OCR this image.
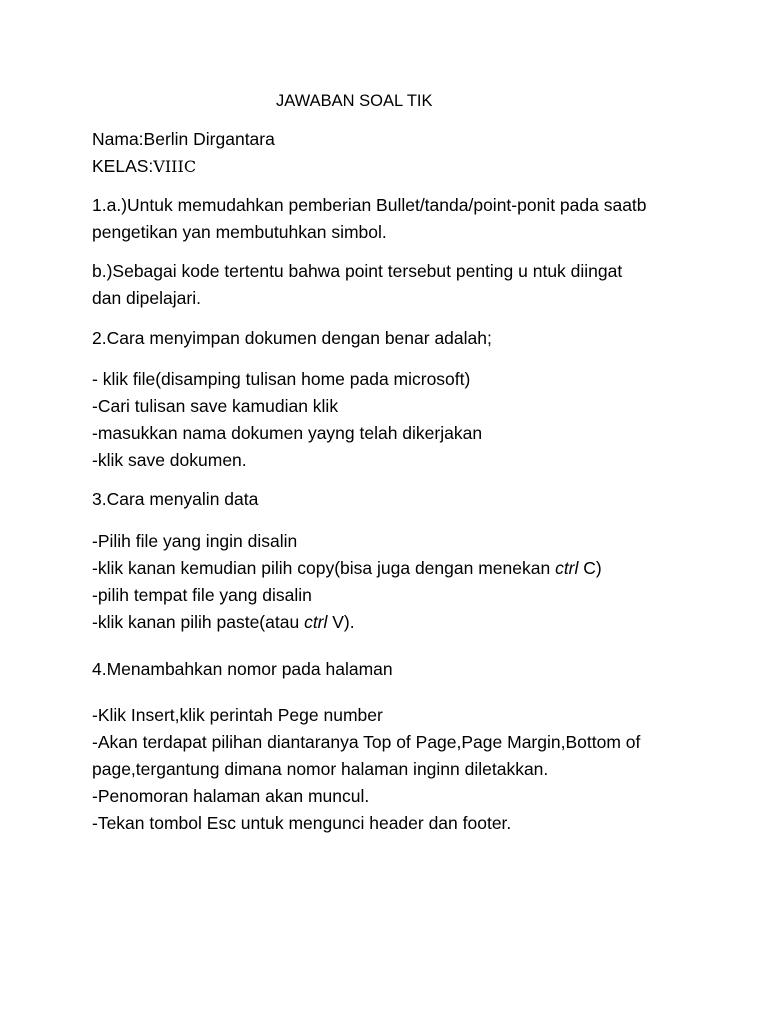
JAWABAN SOAL TIK
Nama:Berlin Dirgantara
KELAS:VIIIC
1.a.)Untuk memudahkan pemberian Bullet/tanda/point-ponit pada saatb pengetikan yan membutuhkan simbol.
b.)Sebagai kode tertentu bahwa point tersebut penting u ntuk diingat dan dipelajari.
2.Cara menyimpan dokumen dengan benar adalah;
- klik file(disamping tulisan home pada microsoft)
-Cari tulisan save kamudian klik
-masukkan nama dokumen yayng telah dikerjakan
-klik save dokumen.
3.Cara menyalin data
-Pilih file yang ingin disalin
-klik kanan kemudian pilih copy(bisa juga dengan menekan ctrl C)
-pilih tempat file yang disalin
-klik kanan pilih paste(atau ctrl V).
4.Menambahkan nomor pada halaman
-Klik Insert,klik perintah Pege number
-Akan terdapat pilihan diantaranya Top of Page,Page Margin,Bottom of page,tergantung dimana nomor halaman inginn diletakkan.
-Penomoran halaman akan muncul.
-Tekan tombol Esc untuk mengunci header dan footer.
